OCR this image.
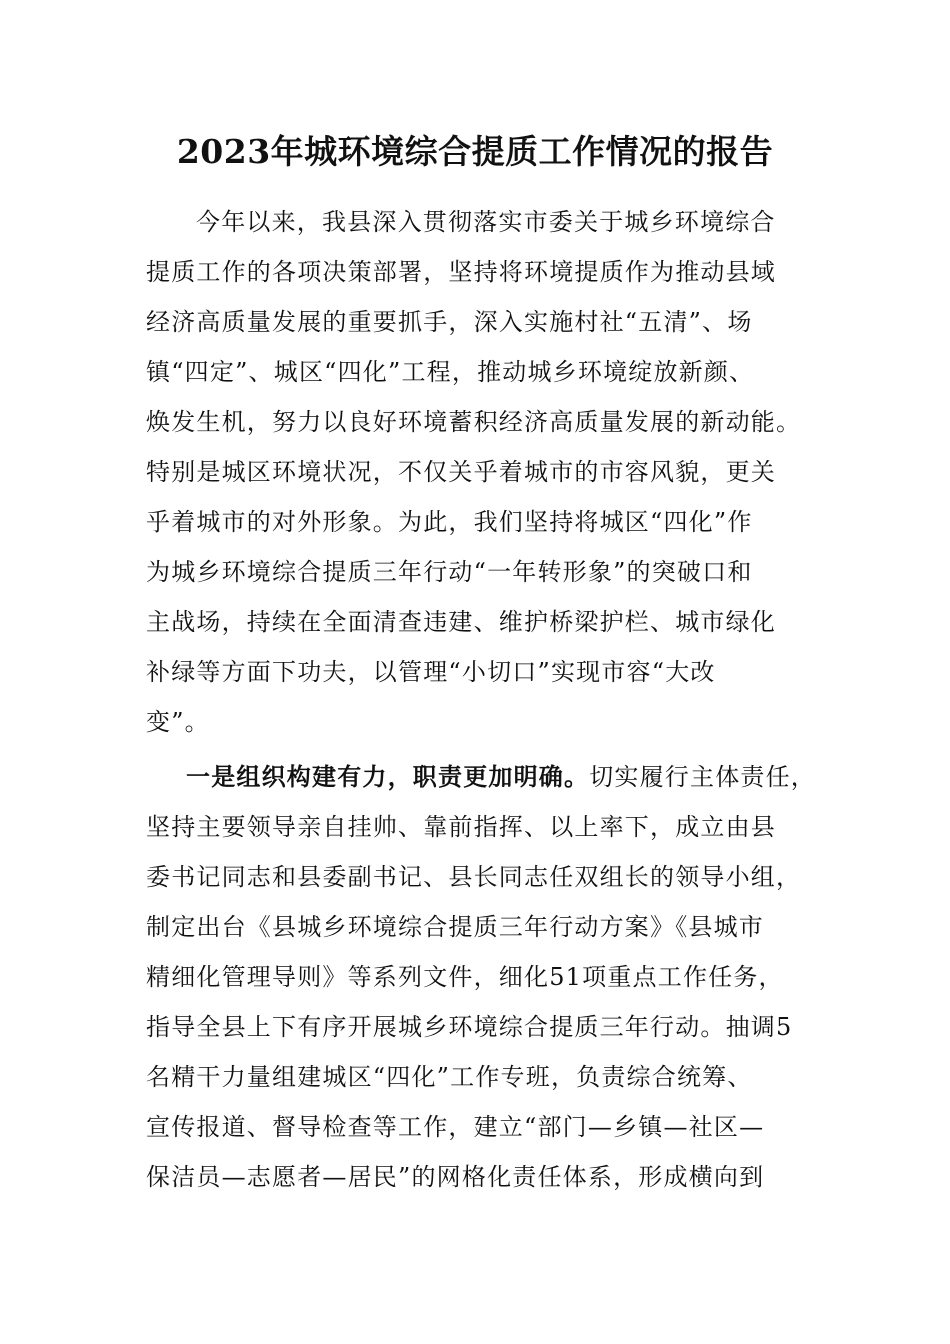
2023年城环境综合提质工作情况的报告
今年以来，我县深入贯彻落实市委关于城乡环境综合
提质工作的各项决策部署，坚持将环境提质作为推动县域
经济高质量发展的重要抓手，深入实施村社“五清”、场
镇“四定”、城区“四化”工程，推动城乡环境绽放新颜、
焕发生机，努力以良好环境蓄积经济高质量发展的新动能。
特别是城区环境状况，不仅关乎着城市的市容风貌，更关
乎着城市的对外形象。为此，我们坚持将城区“四化”作
为城乡环境综合提质三年行动“一年转形象”的突破口和
主战场，持续在全面清查违建、维护桥梁护栏、城市绿化
补绿等方面下功夫，以管理“小切口”实现市容“大改
变”。
一是组织构建有力，职责更加明确。切实履行主体责任，
坚持主要领导亲自挂帅、靠前指挥、以上率下，成立由县
委书记同志和县委副书记、县长同志任双组长的领导小组，
制定出台《县城乡环境综合提质三年行动方案》《县城市
精细化管理导则》等系列文件，细化51项重点工作任务，
指导全县上下有序开展城乡环境综合提质三年行动。抽调5
名精干力量组建城区“四化”工作专班，负责综合统筹、
宣传报道、督导检查等工作，建立“部门—乡镇—社区—
保洁员—志愿者—居民”的网格化责任体系，形成横向到
